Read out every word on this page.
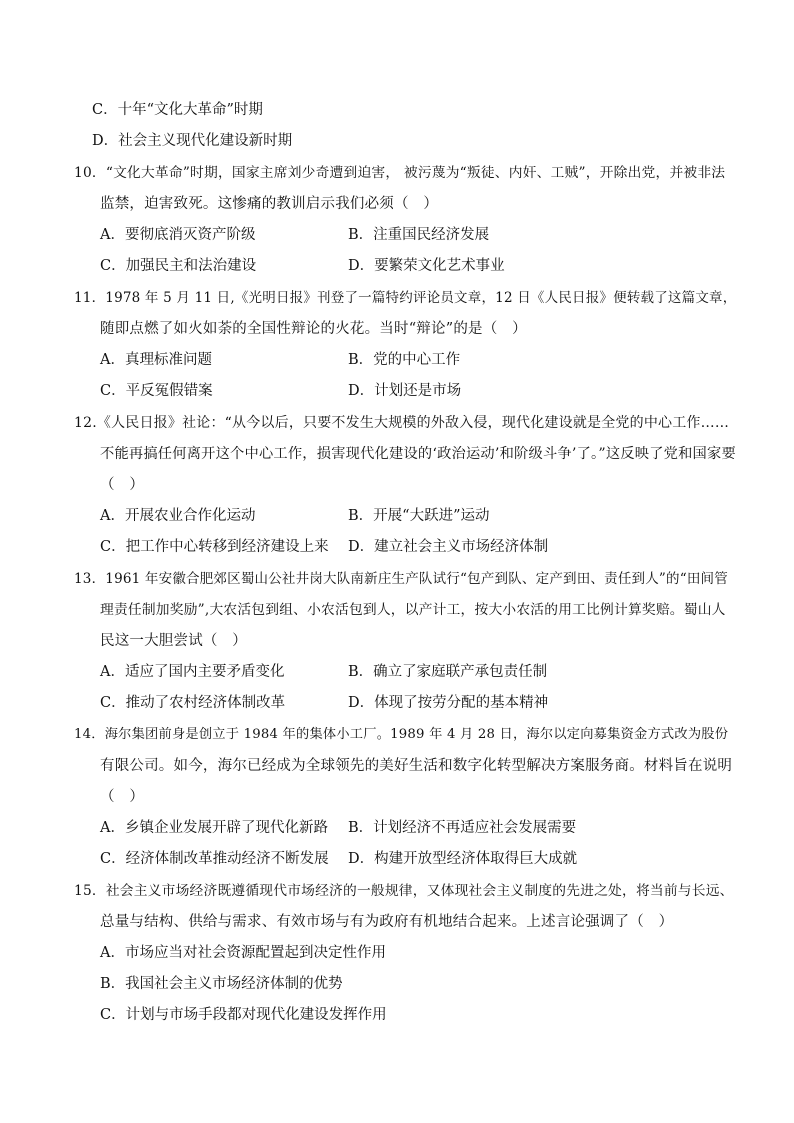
C．十年“文化大革命”时期
D．社会主义现代化建设新时期
10．“文化大革命”时期，国家主席刘少奇遭到迫害， 被污蔑为“叛徒、内奸、工贼”，开除出党，并被非法
监禁，迫害致死。这惨痛的教训启示我们必须（　）
A．要彻底消灭资产阶级	B．注重国民经济发展
C．加强民主和法治建设	D．要繁荣文化艺术事业
11．1978 年 5 月 11 日,《光明日报》刊登了一篇特约评论员文章，12 日《人民日报》便转载了这篇文章，
随即点燃了如火如荼的全国性辩论的火花。当时“辩论”的是（　）
A．真理标准问题	B．党的中心工作
C．平反冤假错案	D．计划还是市场
12.《人民日报》社论：“从今以后，只要不发生大规模的外敌入侵，现代化建设就是全党的中心工作……
不能再搞任何离开这个中心工作，损害现代化建设的‘政治运动’和阶级斗争’了。”这反映了党和国家要
（　）
A．开展农业合作化运动	B．开展“大跃进”运动
C．把工作中心转移到经济建设上来 D．建立社会主义市场经济体制
13．1961 年安徽合肥郊区蜀山公社井岗大队南新庄生产队试行“包产到队、定产到田、责任到人”的“田间管
理责任制加奖励”,大农活包到组、小农活包到人，以产计工，按大小农活的用工比例计算奖赔。蜀山人
民这一大胆尝试（　）
A．适应了国内主要矛盾变化	B．确立了家庭联产承包责任制
C．推动了农村经济体制改革	D．体现了按劳分配的基本精神
14．海尔集团前身是创立于 1984 年的集体小工厂。1989 年 4 月 28 日，海尔以定向募集资金方式改为股份
有限公司。如今，海尔已经成为全球领先的美好生活和数字化转型解决方案服务商。材料旨在说明
（　）
A．乡镇企业发展开辟了现代化新路 B．计划经济不再适应社会发展需要
C．经济体制改革推动经济不断发展 D．构建开放型经济体取得巨大成就
15．社会主义市场经济既遵循现代市场经济的一般规律，又体现社会主义制度的先进之处，将当前与长远、
总量与结构、供给与需求、有效市场与有为政府有机地结合起来。上述言论强调了（　）
A．市场应当对社会资源配置起到决定性作用
B．我国社会主义市场经济体制的优势
C．计划与市场手段都对现代化建设发挥作用
